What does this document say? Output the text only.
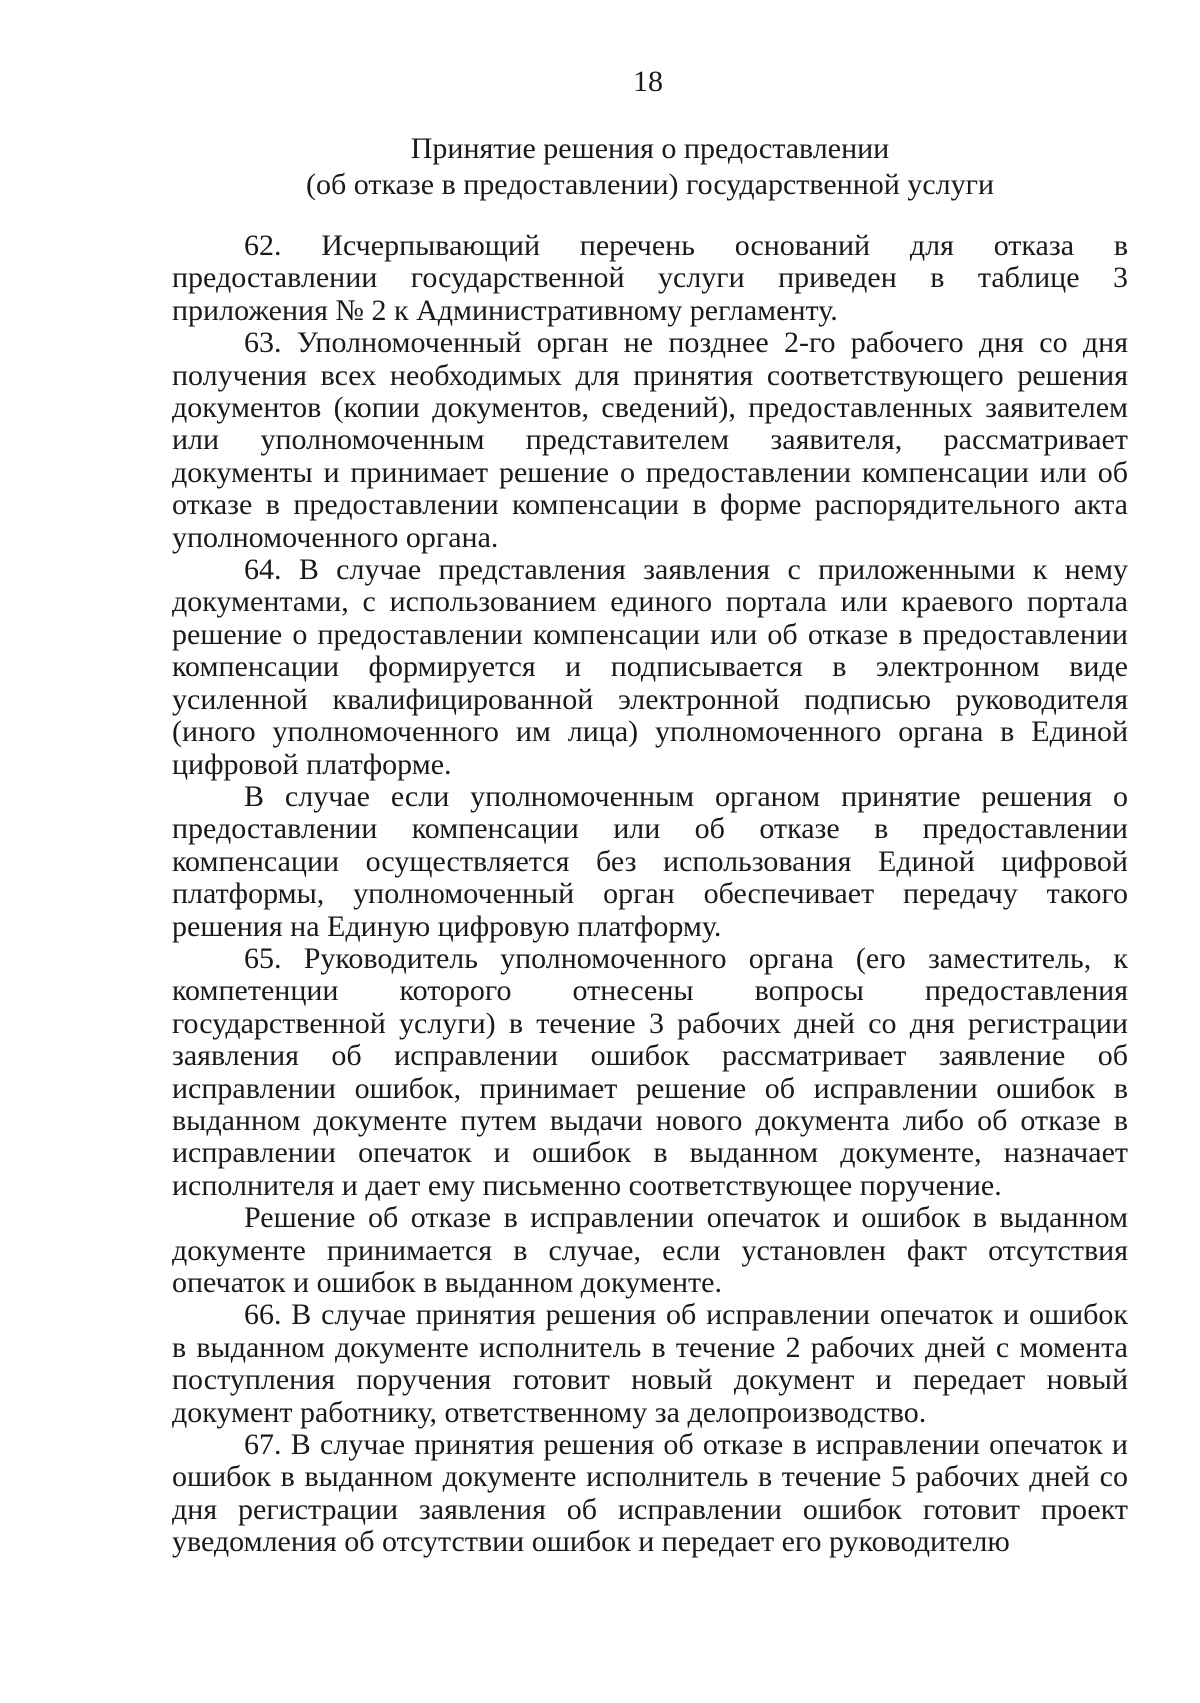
18
Принятие решения о предоставлении
(об отказе в предоставлении) государственной услуги

62. Исчерпывающий перечень оснований для отказа в предоставлении государственной услуги приведен в таблице 3 приложения № 2 к Административному регламенту.

63. Уполномоченный орган не позднее 2-го рабочего дня со дня получения всех необходимых для принятия соответствующего решения документов (копии документов, сведений), предоставленных заявителем или уполномоченным представителем заявителя, рассматривает документы и принимает решение о предоставлении компенсации или об отказе в предоставлении компенсации в форме распорядительного акта уполномоченного органа.

64. В случае представления заявления с приложенными к нему документами, с использованием единого портала или краевого портала решение о предоставлении компенсации или об отказе в предоставлении компенсации формируется и подписывается в электронном виде усиленной квалифицированной электронной подписью руководителя (иного уполномоченного им лица) уполномоченного органа в Единой цифровой платформе.

В случае если уполномоченным органом принятие решения о предоставлении компенсации или об отказе в предоставлении компенсации осуществляется без использования Единой цифровой платформы, уполномоченный орган обеспечивает передачу такого решения на Единую цифровую платформу.

65. Руководитель уполномоченного органа (его заместитель, к компетенции которого отнесены вопросы предоставления государственной услуги) в течение 3 рабочих дней со дня регистрации заявления об исправлении ошибок рассматривает заявление об исправлении ошибок, принимает решение об исправлении ошибок в выданном документе путем выдачи нового документа либо об отказе в исправлении опечаток и ошибок в выданном документе, назначает исполнителя и дает ему письменно соответствующее поручение.

Решение об отказе в исправлении опечаток и ошибок в выданном документе принимается в случае, если установлен факт отсутствия опечаток и ошибок в выданном документе.

66. В случае принятия решения об исправлении опечаток и ошибок в выданном документе исполнитель в течение 2 рабочих дней с момента поступления поручения готовит новый документ и передает новый документ работнику, ответственному за делопроизводство.

67. В случае принятия решения об отказе в исправлении опечаток и ошибок в выданном документе исполнитель в течение 5 рабочих дней со дня регистрации заявления об исправлении ошибок готовит проект уведомления об отсутствии ошибок и передает его руководителю
